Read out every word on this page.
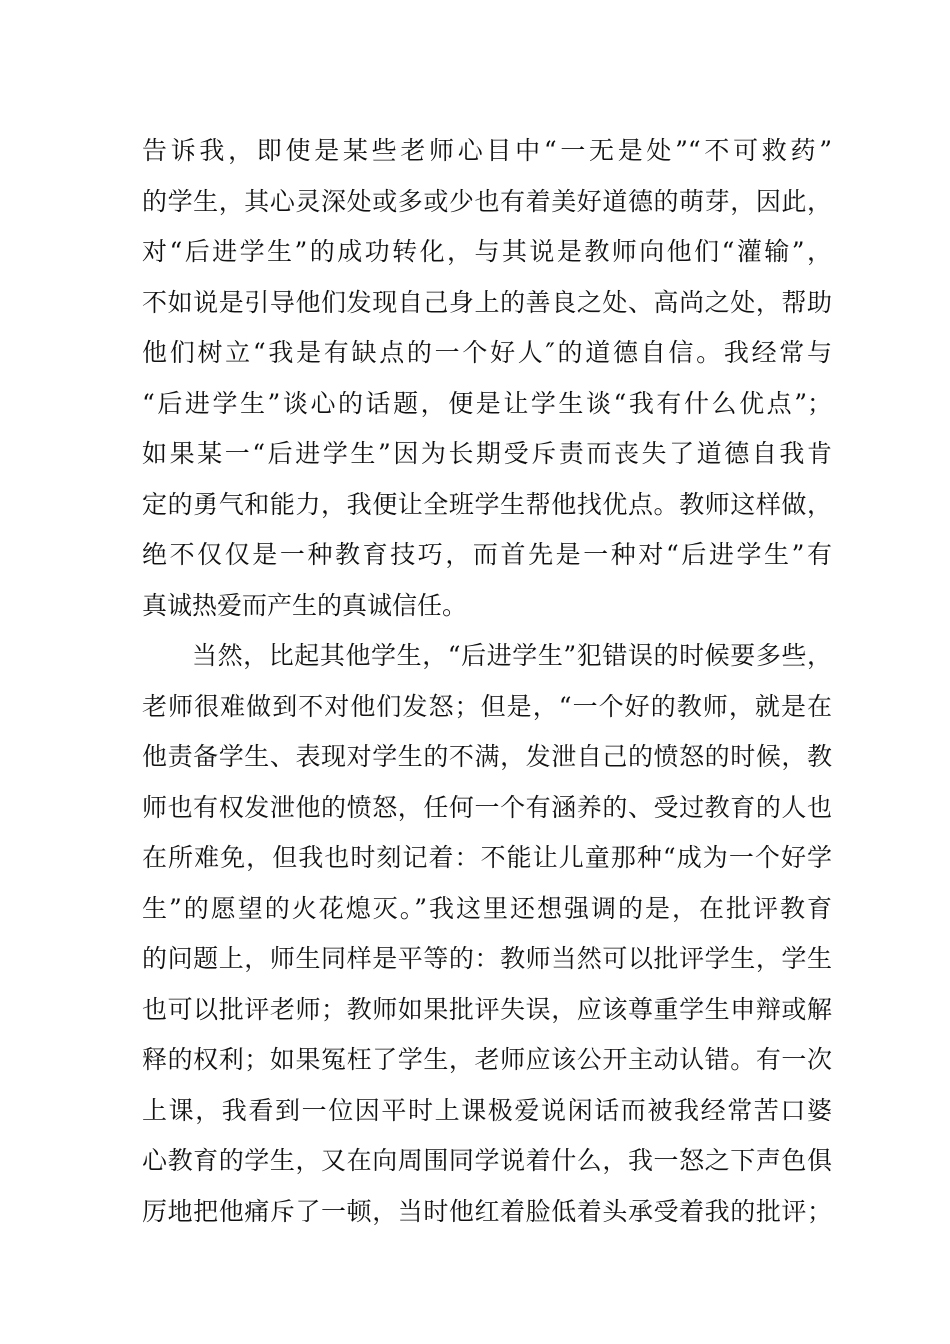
告诉我，即使是某些老师心目中“一无是处”“不可救药”
的学生，其心灵深处或多或少也有着美好道德的萌芽，因此，
对“后进学生”的成功转化，与其说是教师向他们“灌输”，
不如说是引导他们发现自己身上的善良之处、高尚之处，帮助
他们树立“我是有缺点的一个好人″的道德自信。我经常与
“后进学生”谈心的话题，便是让学生谈“我有什么优点”；
如果某一“后进学生”因为长期受斥责而丧失了道德自我肯
定的勇气和能力，我便让全班学生帮他找优点。教师这样做，
绝不仅仅是一种教育技巧，而首先是一种对“后进学生”有
真诚热爱而产生的真诚信任。
当然，比起其他学生，“后进学生”犯错误的时候要多些，
老师很难做到不对他们发怒；但是，“一个好的教师，就是在
他责备学生、表现对学生的不满，发泄自己的愤怒的时候，教
师也有权发泄他的愤怒，任何一个有涵养的、受过教育的人也
在所难免，但我也时刻记着：不能让儿童那种“成为一个好学
生”的愿望的火花熄灭。”我这里还想强调的是，在批评教育
的问题上，师生同样是平等的：教师当然可以批评学生，学生
也可以批评老师；教师如果批评失误，应该尊重学生申辩或解
释的权利；如果冤枉了学生，老师应该公开主动认错。有一次
上课，我看到一位因平时上课极爱说闲话而被我经常苦口婆
心教育的学生，又在向周围同学说着什么，我一怒之下声色俱
厉地把他痛斥了一顿，当时他红着脸低着头承受着我的批评；
